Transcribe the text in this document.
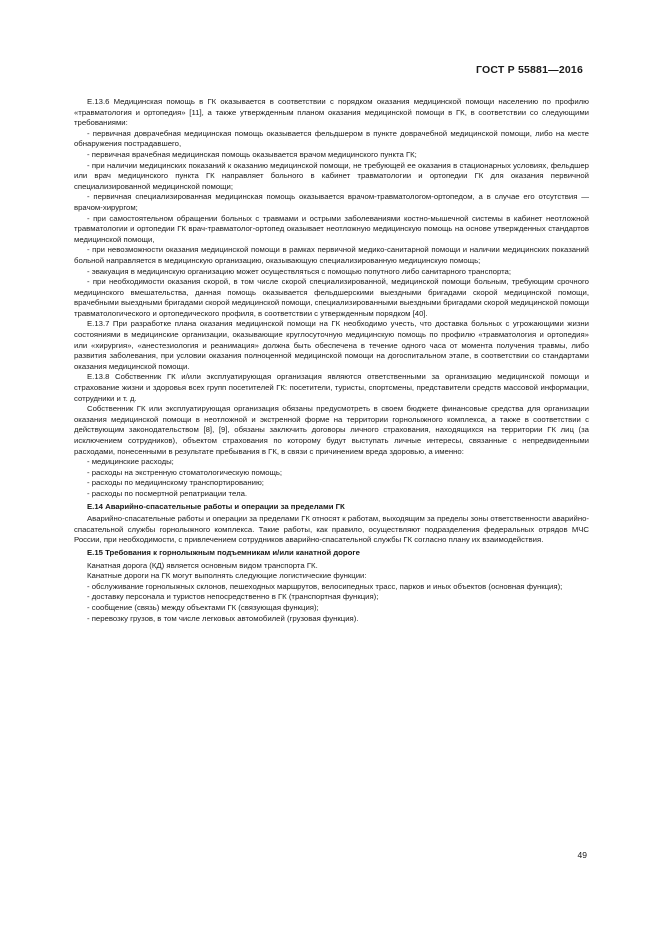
ГОСТ Р 55881—2016

Е.13.6 Медицинская помощь в ГК оказывается в соответствии с порядком оказания медицинской помощи населению по профилю «травматология и ортопедия» [11], а также утвержденным планом оказания медицинской помощи в ГК, в соответствии со следующими требованиями:

- первичная доврачебная медицинская помощь оказывается фельдшером в пункте доврачебной медицинской помощи, либо на месте обнаружения пострадавшего,

- первичная врачебная медицинская помощь оказывается врачом медицинского пункта ГК;

- при наличии медицинских показаний к оказанию медицинской помощи, не требующей ее оказания в стационарных условиях, фельдшер или врач медицинского пункта ГК направляет больного в кабинет травматологии и ортопедии ГК для оказания первичной специализированной медицинской помощи;

- первичная специализированная медицинская помощь оказывается врачом-травматологом-ортопедом, а в случае его отсутствия — врачом-хирургом;

- при самостоятельном обращении больных с травмами и острыми заболеваниями костно-мышечной системы в кабинет неотложной травматологии и ортопедии ГК врач-травматолог-ортопед оказывает неотложную медицинскую помощь на основе утвержденных стандартов медицинской помощи,

- при невозможности оказания медицинской помощи в рамках первичной медико-санитарной помощи и наличии медицинских показаний больной направляется в медицинскую организацию, оказывающую специализированную медицинскую помощь;

- эвакуация в медицинскую организацию может осуществляться с помощью попутного либо санитарного транспорта;

- при необходимости оказания скорой, в том числе скорой специализированной, медицинской помощи больным, требующим срочного медицинского вмешательства, данная помощь оказывается фельдшерскими выездными бригадами скорой медицинской помощи, врачебными выездными бригадами скорой медицинской помощи, специализированными выездными бригадами скорой медицинской помощи травматологического и ортопедического профиля, в соответствии с утвержденным порядком [40].

Е.13.7 При разработке плана оказания медицинской помощи на ГК необходимо учесть, что доставка больных с угрожающими жизни состояниями в медицинские организации, оказывающие круглосуточную медицинскую помощь по профилю «травматология и ортопедия» или «хирургия», «анестезиология и реанимация» должна быть обеспечена в течение одного часа от момента получения травмы, либо развития заболевания, при условии оказания полноценной медицинской помощи на догоспитальном этапе, в соответствии со стандартами оказания медицинской помощи.

Е.13.8 Собственник ГК и/или эксплуатирующая организация являются ответственными за организацию медицинской помощи и страхование жизни и здоровья всех групп посетителей ГК: посетители, туристы, спортсмены, представители средств массовой информации, сотрудники и т. д.

Собственник ГК или эксплуатирующая организация обязаны предусмотреть в своем бюджете финансовые средства для организации оказания медицинской помощи в неотложной и экстренной форме на территории горнолыжного комплекса, а также в соответствии с действующим законодательством [8], [9], обязаны заключить договоры личного страхования, находящихся на территории ГК лиц (за исключением сотрудников), объектом страхования по которому будут выступать личные интересы, связанные с непредвиденными расходами, понесенными в результате пребывания в ГК, в связи с причинением вреда здоровью, а именно:

- медицинские расходы;

- расходы на экстренную стоматологическую помощь;

- расходы по медицинскому транспортированию;

- расходы по посмертной репатриации тела.

Е.14 Аварийно-спасательные работы и операции за пределами ГК

Аварийно-спасательные работы и операции за пределами ГК относят к работам, выходящим за пределы зоны ответственности аварийно-спасательной службы горнолыжного комплекса. Такие работы, как правило, осуществляют подразделения федеральных отрядов МЧС России, при необходимости, с привлечением сотрудников аварийно-спасательной службы ГК согласно плану их взаимодействия.

Е.15 Требования к горнолыжным подъемникам и/или канатной дороге

Канатная дорога (КД) является основным видом транспорта ГК.

Канатные дороги на ГК могут выполнять следующие логистические функции:

- обслуживание горнолыжных склонов, пешеходных маршрутов, велосипедных трасс, парков и иных объектов (основная функция);

- доставку персонала и туристов непосредственно в ГК (транспортная функция);

- сообщение (связь) между объектами ГК (связующая функция);

- перевозку грузов, в том числе легковых автомобилей (грузовая функция).

49
